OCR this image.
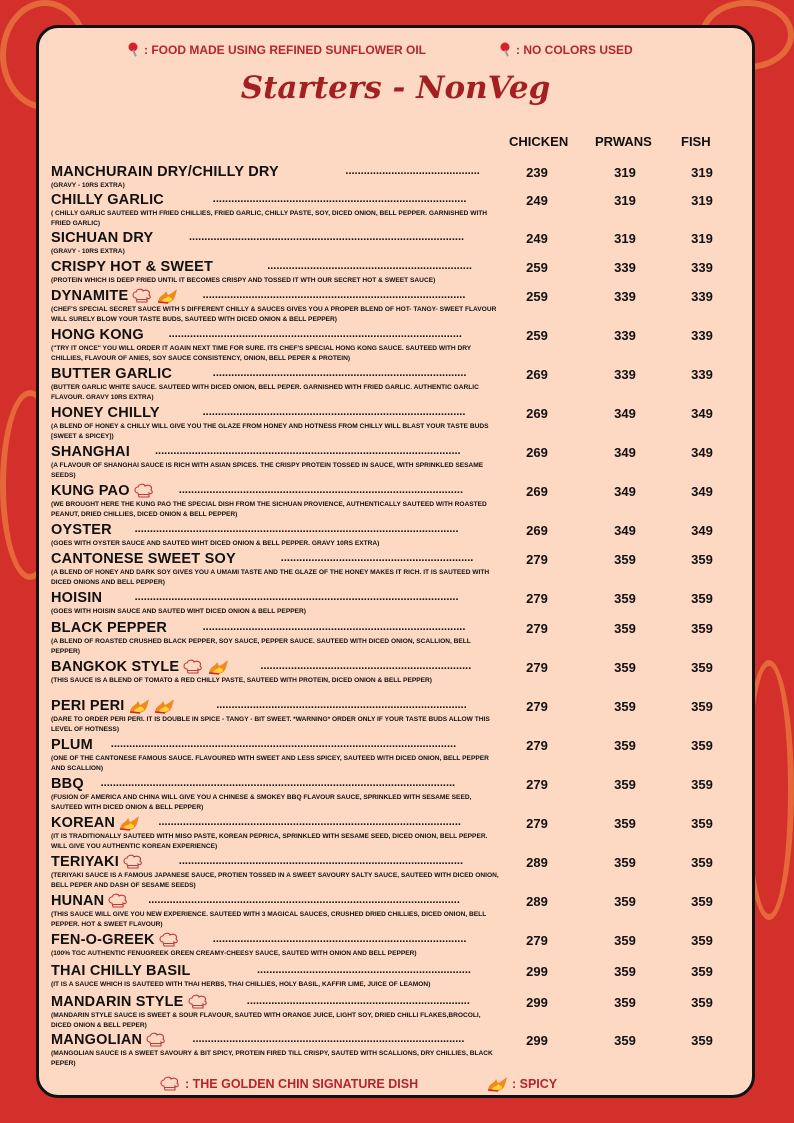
: FOOD MADE USING REFINED SUNFLOWER OIL	: NO COLORS USED
Starters - NonVeg
CHICKEN PRWANS FISH
MANCHURAIN DRY/CHILLY DRY	............................................
(GRAVY - 10RS EXTRA)
239	319	319
CHILLY GARLIC	...................................................................................
( CHILLY GARLIC SAUTEED WITH FRIED CHILLIES, FRIED GARLIC, CHILLY PASTE, SOY, DICED ONION, BELL PEPPER. GARNISHED WITH FRIED GARLIC)
249	319	319
SICHUAN DRY	..........................................................................................
(GRAVY - 10RS EXTRA)
249	319	319
CRISPY HOT & SWEET	...................................................................
(PROTEIN WHICH IS DEEP FRIED UNTIL IT BECOMES CRISPY AND TOSSED IT WTH OUR SECRET HOT & SWEET SAUCE)
259	339	339
DYNAMITE	......................................................................................
(CHEF'S SPECIAL SECRET SAUCE WITH 5 DIFFERENT CHILLY & SAUCES GIVES YOU A PROPER BLEND OF HOT- TANGY- SWEET FLAVOUR WILL SURELY BLOW YOUR TASTE BUDS, SAUTEED WITH DICED ONION & BELL PEPPER)
259	339	339
HONG KONG ................................................................................................
("TRY IT ONCE" YOU WILL ORDER IT AGAIN NEXT TIME FOR SURE. ITS CHEF'S SPECIAL HONG KONG SAUCE. SAUTEED WITH DRY CHILLIES, FLAVOUR OF ANIES, SOY SAUCE CONSISTENCY, ONION, BELL PEPER & PROTEIN)
259	339	339
BUTTER GARLIC	...................................................................................
(BUTTER GARLIC WHITE SAUCE. SAUTEED WITH DICED ONION, BELL PEPER. GARNISHED WITH FRIED GARLIC. AUTHENTIC GARLIC FLAVOUR. GRAVY 10RS EXTRA)
269	339	339
HONEY CHILLY	......................................................................................
(A BLEND OF HONEY & CHILLY WILL GIVE YOU THE GLAZE FROM HONEY AND HOTNESS FROM CHILLY WILL BLAST YOUR TASTE BUDS [SWEET & SPICEY])
269	349	349
SHANGHAI ....................................................................................................
(A FLAVOUR OF SHANGHAI SAUCE IS RICH WITH ASIAN SPICES. THE CRISPY PROTEIN TOSSED IN SAUCE, WITH SPRINKLED SESAME SEEDS)
269	349	349
KUNG PAO	.............................................................................................
(WE BROUGHT HERE THE KUNG PAO THE SPECIAL DISH FROM THE SICHUAN PROVIENCE, AUTHENTICALLY SAUTEED WITH ROASTED PEANUT, DRIED CHILLIES, DICED ONION & BELL PEPPER)
269	349	349
OYSTER ..........................................................................................................
(GOES WITH OYSTER SAUCE AND SAUTED WIHT DICED ONION & BELL PEPPER. GRAVY 10RS EXTRA)
269	349	349
CANTONESE SWEET SOY	...............................................................
(A BLEND OF HONEY AND DARK SOY GIVES YOU A UMAMI TASTE AND THE GLAZE OF THE HONEY MAKES IT RICH. IT IS SAUTEED WITH DICED ONIONS AND BELL PEPPER)
279	359	359
HOISIN	..........................................................................................................
(GOES WITH HOISIN SAUCE AND SAUTED WIHT DICED ONION & BELL PEPPER)
279	359	359
BLACK PEPPER	......................................................................................
(A BLEND OF ROASTED CRUSHED BLACK PEPPER, SOY SAUCE, PEPPER SAUCE. SAUTEED WITH DICED ONION, SCALLION, BELL PEPPER)
279	359	359
BANGKOK STYLE	.....................................................................
(THIS SAUCE IS A BLEND OF TOMATO & RED CHILLY PASTE, SAUTEED WITH PROTEIN, DICED ONION & BELL PEPPER)
279	359	359
PERI PERI	..................................................................................
(DARE TO ORDER PERI PERI. IT IS DOUBLE IN SPICE - TANGY - BIT SWEET. *WARNING* ORDER ONLY IF YOUR TASTE BUDS ALLOW THIS LEVEL OF HOTNESS)
279	359	359
PLUM .................................................................................................................
(ONE OF THE CANTONESE FAMOUS SAUCE. FLAVOURED WITH SWEET AND LESS SPICEY, SAUTEED WITH DICED ONION, BELL PEPPER AND SCALLION)
279	359	359
BBQ ....................................................................................................................
(FUSION OF AMERICA AND CHINA WILL GIVE YOU A CHINESE & SMOKEY BBQ FLAVOUR SAUCE, SPRINKLED WITH SESAME SEED, SAUTEED WITH DICED ONION & BELL PEPPER)
279	359	359
KOREAN	...................................................................................................
(IT IS TRADITIONALLY SAUTEED WITH MISO PASTE, KOREAN PEPRICA, SPRINKLED WITH SESAME SEED, DICED ONION, BELL PEPPER. WILL GIVE YOU AUTHENTIC KOREAN EXPERIENCE)
279	359	359
TERIYAKI	.............................................................................................
(TERIYAKI SAUCE IS A FAMOUS JAPANESE SAUCE, PROTIEN TOSSED IN A SWEET SAVOURY SALTY SAUCE, SAUTEED WITH DICED ONION, BELL PEPER AND DASH OF SESAME SEEDS)
289	359	359
HUNAN	......................................................................................................
(THIS SAUCE WILL GIVE YOU NEW EXPERIENCE. SAUTEED WITH 3 MAGICAL SAUCES, CRUSHED DRIED CHILLIES, DICED ONION, BELL PEPPER. HOT & SWEET FLAVOUR)
289	359	359
FEN-O-GREEK	...................................................................................
(100% TGC AUTHENTIC FENUGREEK GREEN CREAMY-CHEESY SAUCE, SAUTED WITH ONION AND BELL PEPPER)
279	359	359
THAI CHILLY BASIL	......................................................................
(IT IS A SAUCE WHICH IS SAUTEED WITH THAI HERBS, THAI CHILLIES, HOLY BASIL, KAFFIR LIME, JUICE OF LEAMON)
299	359	359
MANDARIN STYLE	.........................................................................
(MANDARIN STYLE SAUCE IS SWEET & SOUR FLAVOUR, SAUTED WITH ORANGE JUICE, LIGHT SOY, DRIED CHILLI FLAKES,BROCOLI, DICED ONION & BELL PEPER)
299	359	359
MANGOLIAN	.........................................................................................
(MANGOLIAN SAUCE IS A SWEET SAVOURY & BIT SPICY, PROTEIN FIRED TILL CRISPY, SAUTED WITH SCALLIONS, DRY CHILLIES, BLACK PEPER)
299	359	359
: THE GOLDEN CHIN SIGNATURE DISH	: SPICY
